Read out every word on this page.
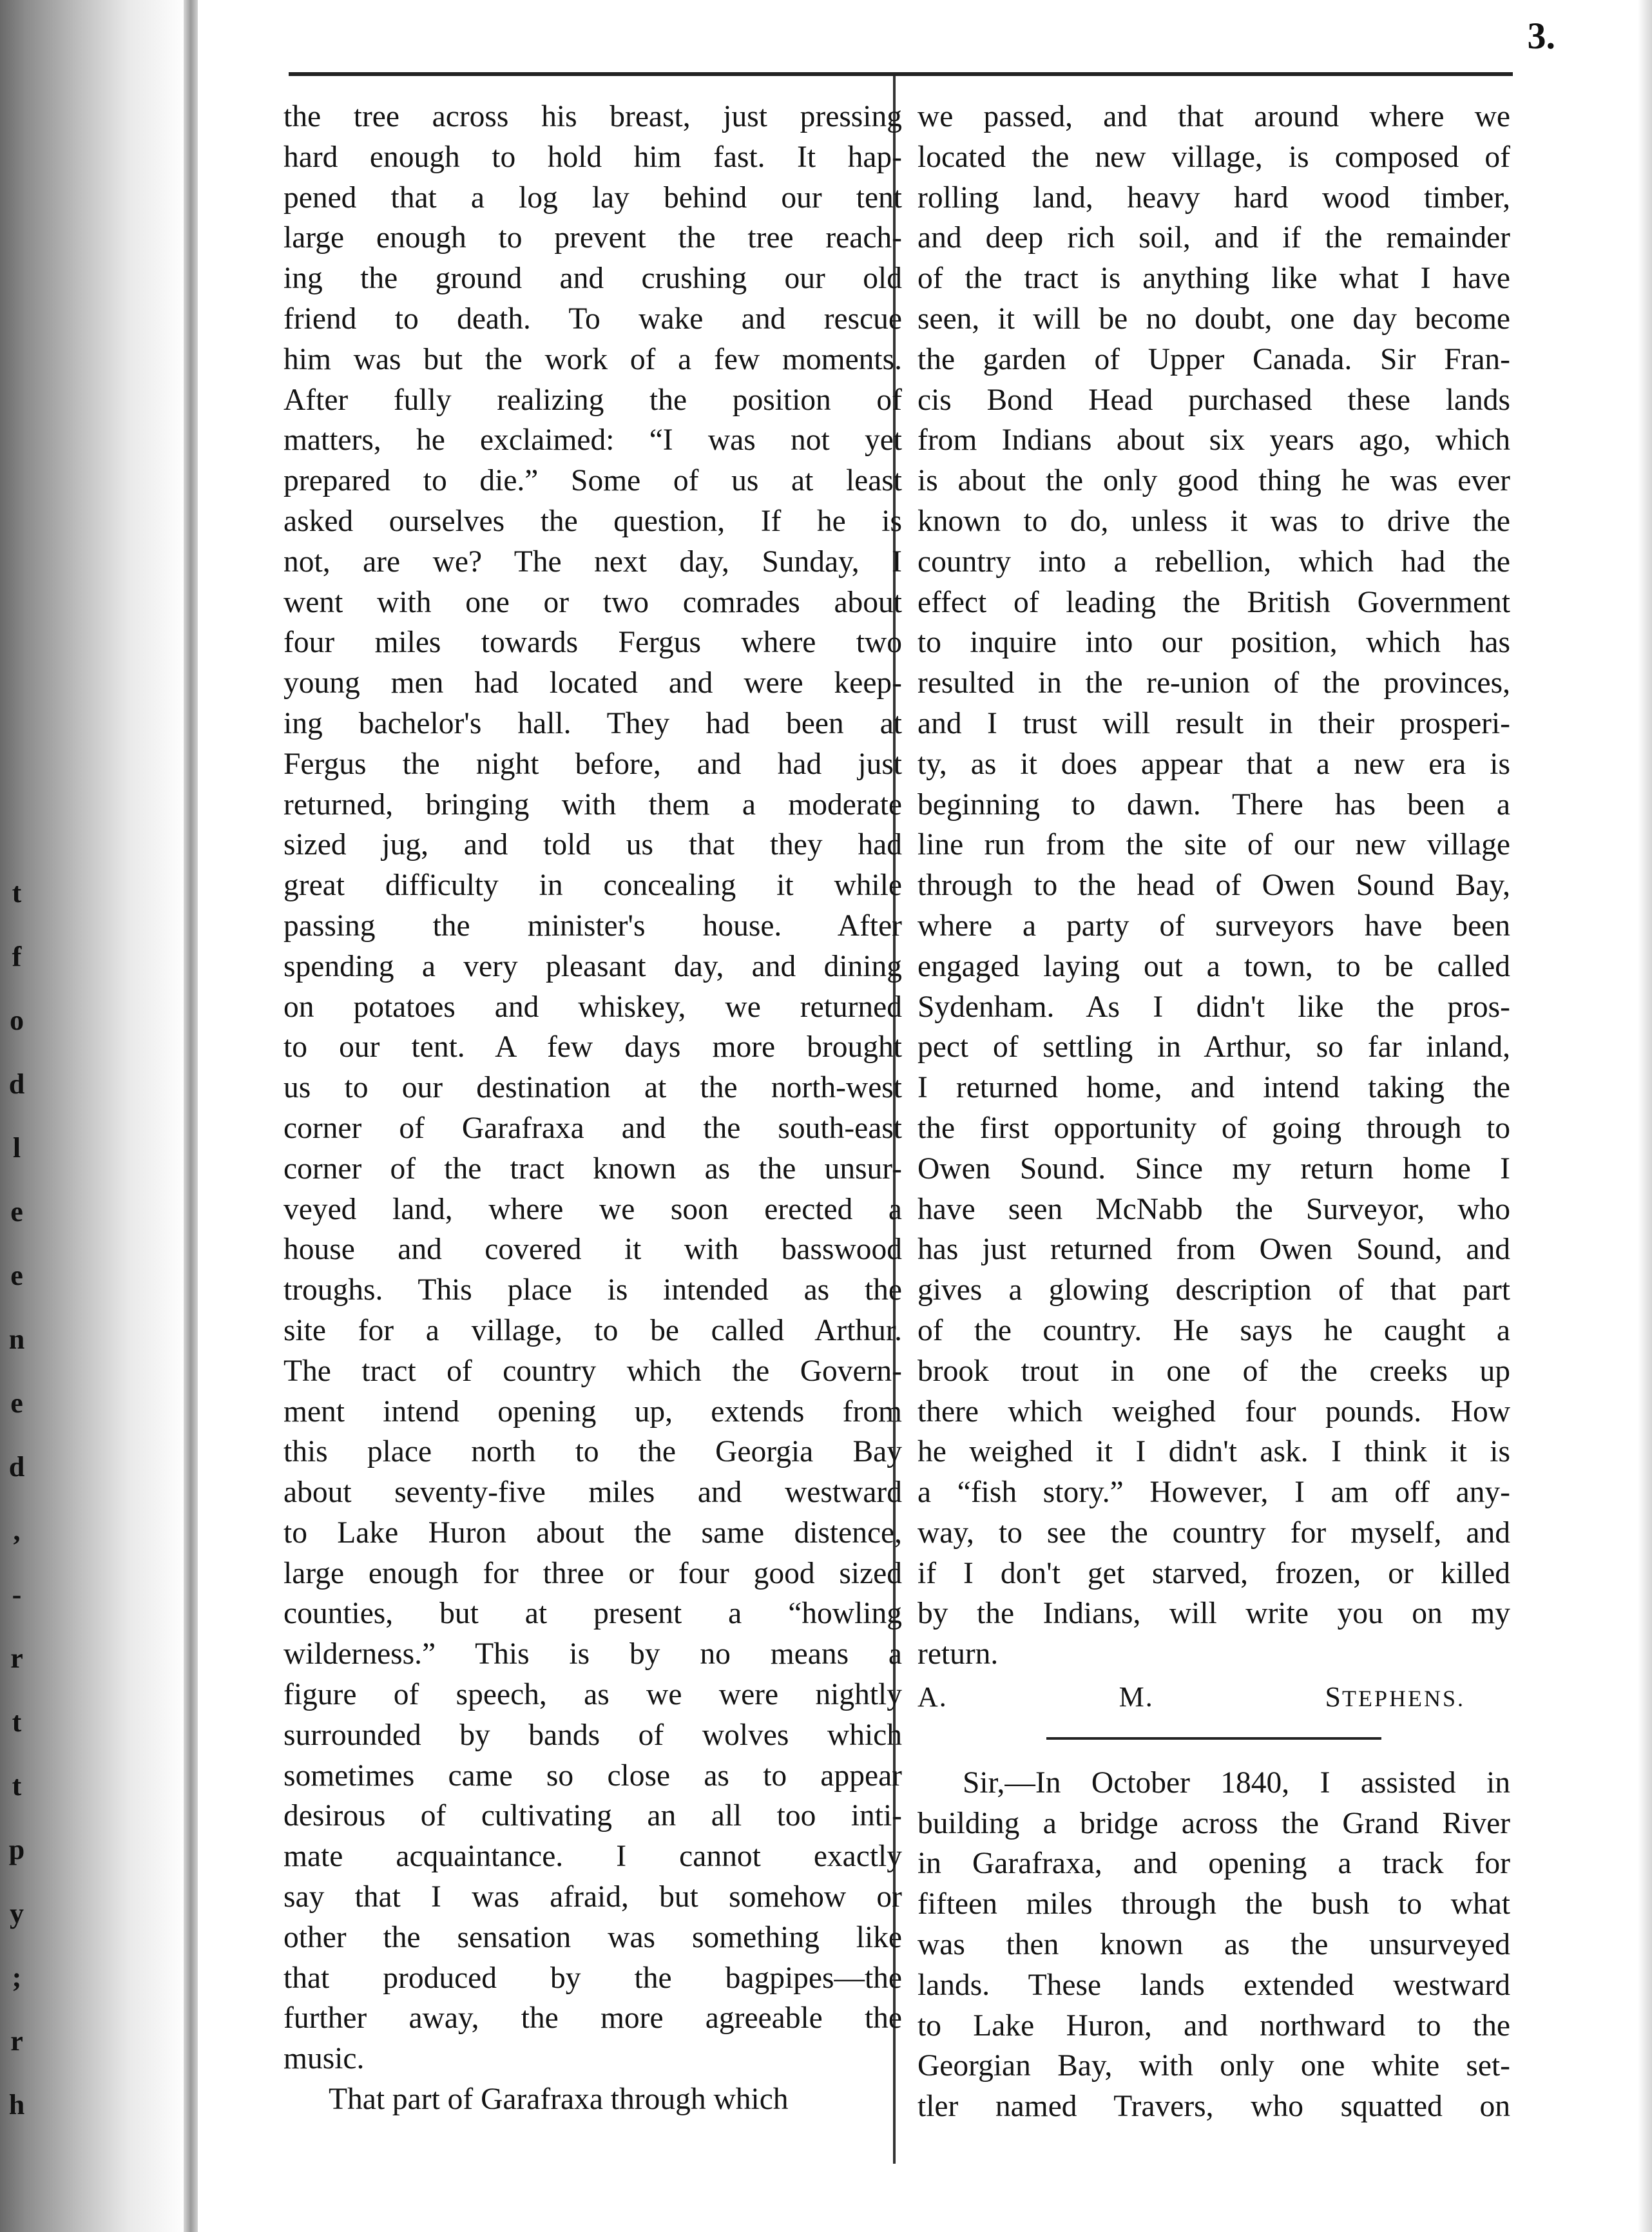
t
f
o
d
l
e
e
n
e
d
,
-
r
t
t
p
y
;
r
h
3.
the tree across his breast, just pressing
hard enough to hold him fast. It hap-
pened that a log lay behind our tent
large enough to prevent the tree reach-
ing the ground and crushing our old
friend to death. To wake and rescue
him was but the work of a few moments.
After fully realizing the position of
matters, he exclaimed: “I was not yet
prepared to die.” Some of us at least
asked ourselves the question, If he is
not, are we? The next day, Sunday, I
went with one or two comrades about
four miles towards Fergus where two
young men had located and were keep-
ing bachelor's hall. They had been at
Fergus the night before, and had just
returned, bringing with them a moderate
sized jug, and told us that they had
great difficulty in concealing it while
passing the minister's house. After
spending a very pleasant day, and dining
on potatoes and whiskey, we returned
to our tent. A few days more brought
us to our destination at the north-west
corner of Garafraxa and the south-east
corner of the tract known as the unsur-
veyed land, where we soon erected a
house and covered it with basswood
troughs. This place is intended as the
site for a village, to be called Arthur.
The tract of country which the Govern-
ment intend opening up, extends from
this place north to the Georgia Bay
about seventy-five miles and westward
to Lake Huron about the same distence,
large enough for three or four good sized
counties, but at present a “howling
wilderness.” This is by no means a
figure of speech, as we were nightly
surrounded by bands of wolves which
sometimes came so close as to appear
desirous of cultivating an all too inti-
mate acquaintance. I cannot exactly
say that I was afraid, but somehow or
other the sensation was something like
that produced by the bagpipes—the
further away, the more agreeable the
music.
That part of Garafraxa through which
we passed, and that around where we
located the new village, is composed of
rolling land, heavy hard wood timber,
and deep rich soil, and if the remainder
of the tract is anything like what I have
seen, it will be no doubt, one day become
the garden of Upper Canada. Sir Fran-
cis Bond Head purchased these lands
from Indians about six years ago, which
is about the only good thing he was ever
known to do, unless it was to drive the
country into a rebellion, which had the
effect of leading the British Government
to inquire into our position, which has
resulted in the re-union of the provinces,
and I trust will result in their prosperi-
ty, as it does appear that a new era is
beginning to dawn. There has been a
line run from the site of our new village
through to the head of Owen Sound Bay,
where a party of surveyors have been
engaged laying out a town, to be called
Sydenham. As I didn't like the pros-
pect of settling in Arthur, so far inland,
I returned home, and intend taking the
the first opportunity of going through to
Owen Sound. Since my return home I
have seen McNabb the Surveyor, who
has just returned from Owen Sound, and
gives a glowing description of that part
of the country. He says he caught a
brook trout in one of the creeks up
there which weighed four pounds. How
he weighed it I didn't ask. I think it is
a “fish story.” However, I am off any-
way, to see the country for myself, and
if I don't get starved, frozen, or killed
by the Indians, will write you on my
return.
A. M. STEPHENS.
Sir,—In October 1840, I assisted in
building a bridge across the Grand River
in Garafraxa, and opening a track for
fifteen miles through the bush to what
was then known as the unsurveyed
lands. These lands extended westward
to Lake Huron, and northward to the
Georgian Bay, with only one white set-
tler named Travers, who squatted on
